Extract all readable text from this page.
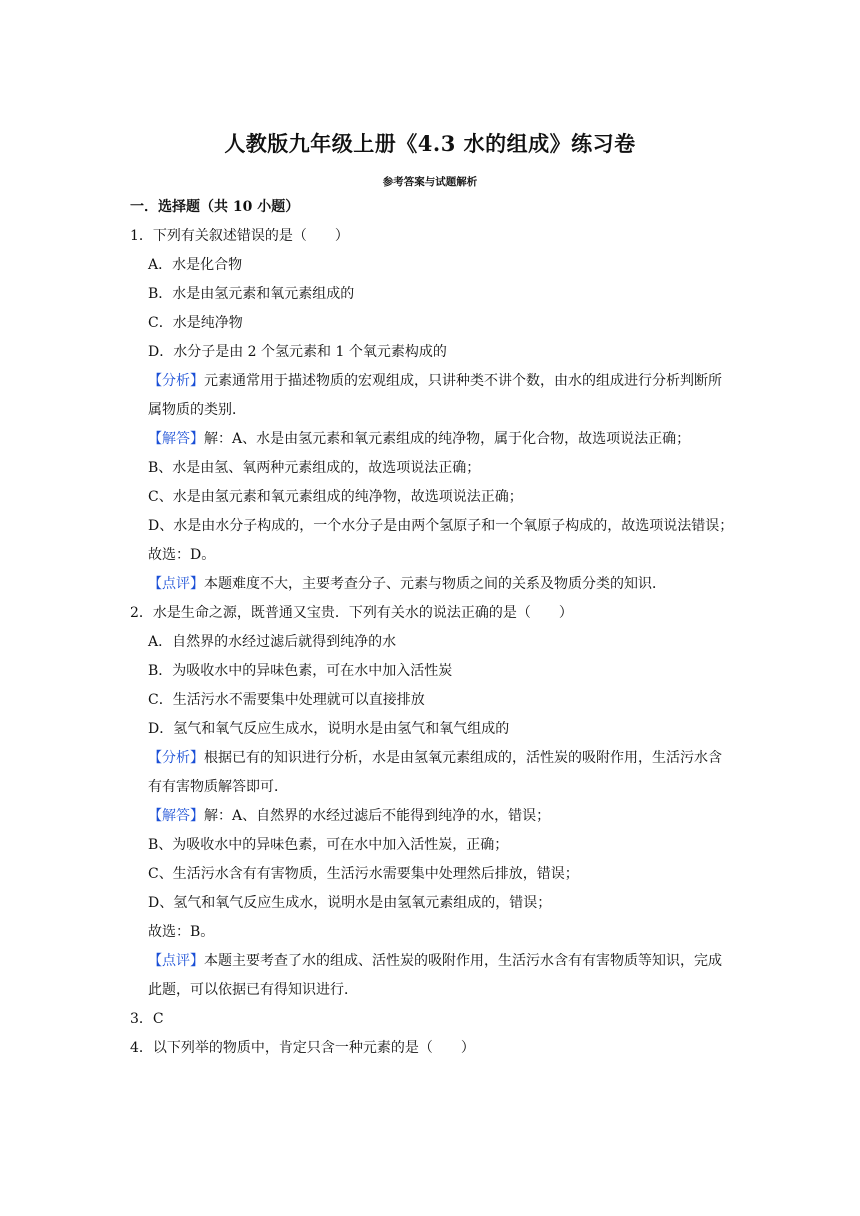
人教版九年级上册《4.3 水的组成》练习卷
参考答案与试题解析
一．选择题（共 10 小题）

1．下列有关叙述错误的是（　　）

A．水是化合物

B．水是由氢元素和氧元素组成的

C．水是纯净物

D．水分子是由 2 个氢元素和 1 个氧元素构成的

【分析】元素通常用于描述物质的宏观组成，只讲种类不讲个数，由水的组成进行分析判断所属物质的类别．

【解答】解：A、水是由氢元素和氧元素组成的纯净物，属于化合物，故选项说法正确；

B、水是由氢、氧两种元素组成的，故选项说法正确；

C、水是由氢元素和氧元素组成的纯净物，故选项说法正确；

D、水是由水分子构成的，一个水分子是由两个氢原子和一个氧原子构成的，故选项说法错误；

故选：D。

【点评】本题难度不大，主要考查分子、元素与物质之间的关系及物质分类的知识．

2．水是生命之源，既普通又宝贵．下列有关水的说法正确的是（　　）

A．自然界的水经过滤后就得到纯净的水

B．为吸收水中的异味色素，可在水中加入活性炭

C．生活污水不需要集中处理就可以直接排放

D．氢气和氧气反应生成水，说明水是由氢气和氧气组成的

【分析】根据已有的知识进行分析，水是由氢氧元素组成的，活性炭的吸附作用，生活污水含有有害物质解答即可．

【解答】解：A、自然界的水经过滤后不能得到纯净的水，错误；

B、为吸收水中的异味色素，可在水中加入活性炭，正确；

C、生活污水含有有害物质，生活污水需要集中处理然后排放，错误；

D、氢气和氧气反应生成水，说明水是由氢氧元素组成的，错误；

故选：B。

【点评】本题主要考查了水的组成、活性炭的吸附作用，生活污水含有有害物质等知识，完成此题，可以依据已有得知识进行．

3．C

4．以下列举的物质中，肯定只含一种元素的是（　　）
